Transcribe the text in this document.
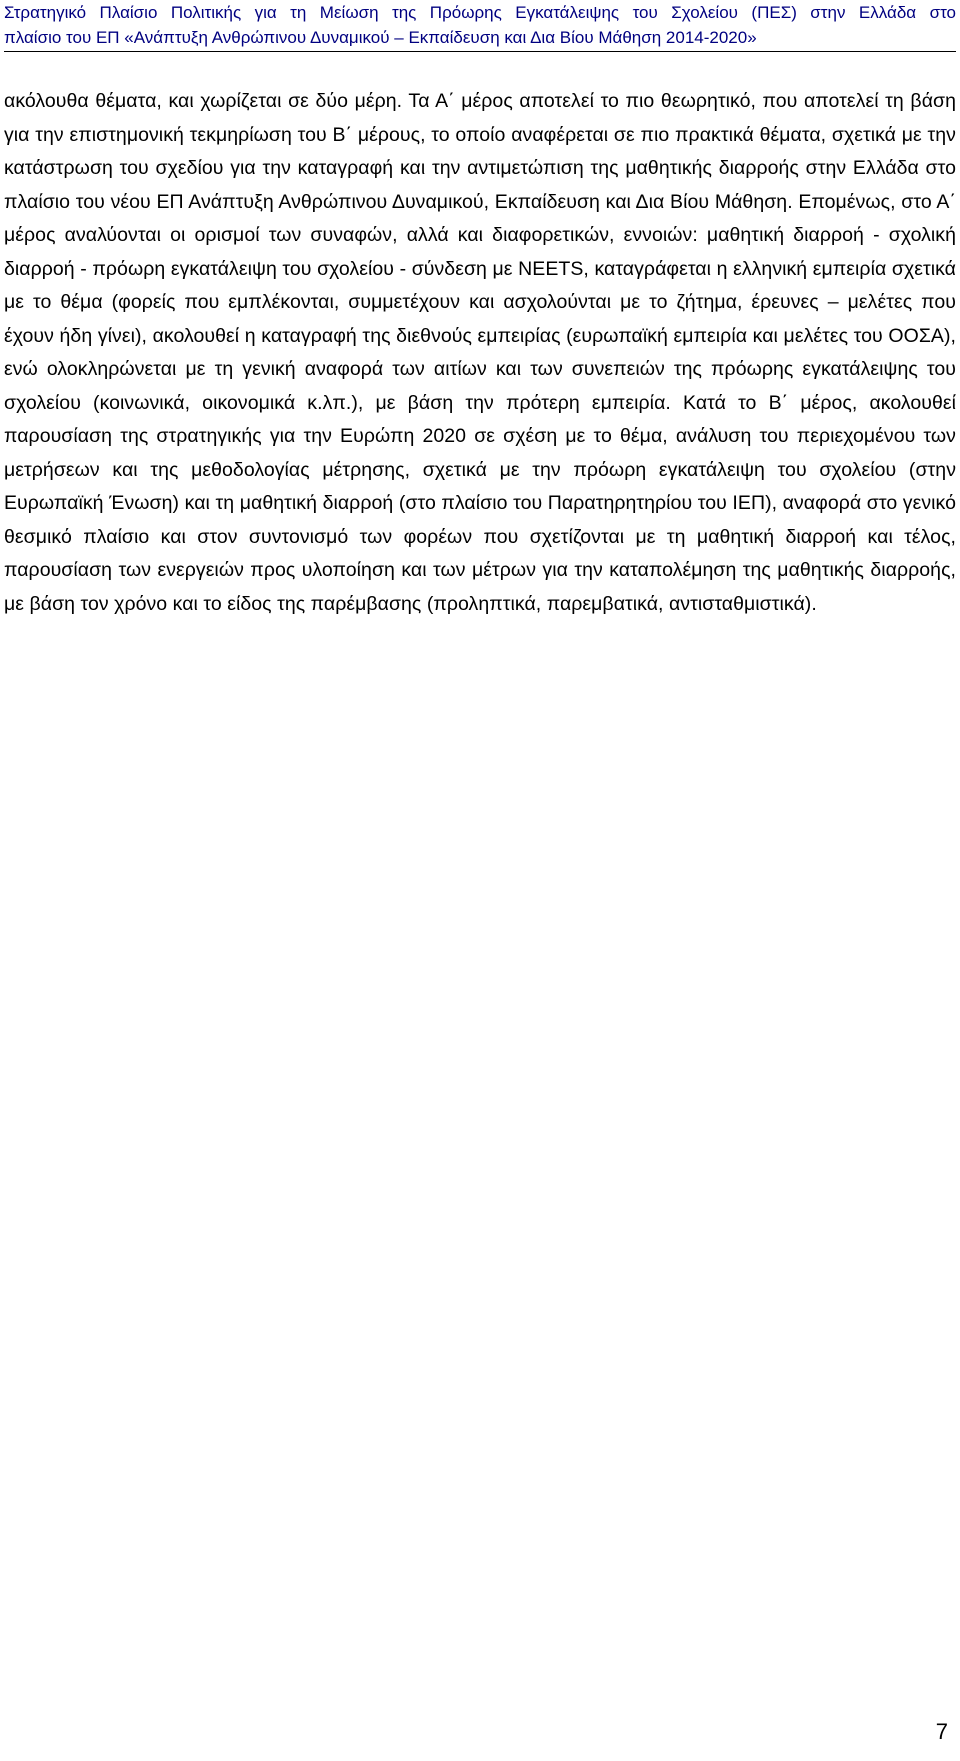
Στρατηγικό Πλαίσιο Πολιτικής για τη Μείωση της Πρόωρης Εγκατάλειψης του Σχολείου (ΠΕΣ) στην Ελλάδα στο
πλαίσιο του ΕΠ «Ανάπτυξη Ανθρώπινου Δυναμικού – Εκπαίδευση και Δια Βίου Μάθηση 2014-2020»

ακόλουθα θέματα, και χωρίζεται σε δύο μέρη. Τα Α΄ μέρος αποτελεί το πιο θεωρητικό, που αποτελεί τη βάση για την επιστημονική τεκμηρίωση του Β΄ μέρους, το οποίο αναφέρεται σε πιο πρακτικά θέματα, σχετικά με την κατάστρωση του σχεδίου για την καταγραφή και την αντιμετώπιση της μαθητικής διαρροής στην Ελλάδα στο πλαίσιο του νέου ΕΠ Ανάπτυξη Ανθρώπινου Δυναμικού, Εκπαίδευση και Δια Βίου Μάθηση. Επομένως, στο Α΄ μέρος αναλύονται οι ορισμοί των συναφών, αλλά και διαφορετικών, εννοιών: μαθητική διαρροή - σχολική διαρροή - πρόωρη εγκατάλειψη του σχολείου - σύνδεση με NEETS, καταγράφεται η ελληνική εμπειρία σχετικά με το θέμα (φορείς που εμπλέκονται, συμμετέχουν και ασχολούνται με το ζήτημα, έρευνες – μελέτες που έχουν ήδη γίνει), ακολουθεί η καταγραφή της διεθνούς εμπειρίας (ευρωπαϊκή εμπειρία και μελέτες του ΟΟΣΑ), ενώ ολοκληρώνεται με τη γενική αναφορά των αιτίων και των συνεπειών της πρόωρης εγκατάλειψης του σχολείου (κοινωνικά, οικονομικά κ.λπ.), με βάση την πρότερη εμπειρία. Κατά το Β΄ μέρος, ακολουθεί παρουσίαση της στρατηγικής για την Ευρώπη 2020 σε σχέση με το θέμα, ανάλυση του περιεχομένου των μετρήσεων και της μεθοδολογίας μέτρησης, σχετικά με την πρόωρη εγκατάλειψη του σχολείου (στην Ευρωπαϊκή Ένωση) και τη μαθητική διαρροή (στο πλαίσιο του Παρατηρητηρίου του ΙΕΠ), αναφορά στο γενικό θεσμικό πλαίσιο και στον συντονισμό των φορέων που σχετίζονται με τη μαθητική διαρροή και τέλος, παρουσίαση των ενεργειών προς υλοποίηση και των μέτρων για την καταπολέμηση της μαθητικής διαρροής, με βάση τον χρόνο και το είδος της παρέμβασης (προληπτικά, παρεμβατικά, αντισταθμιστικά).

7
